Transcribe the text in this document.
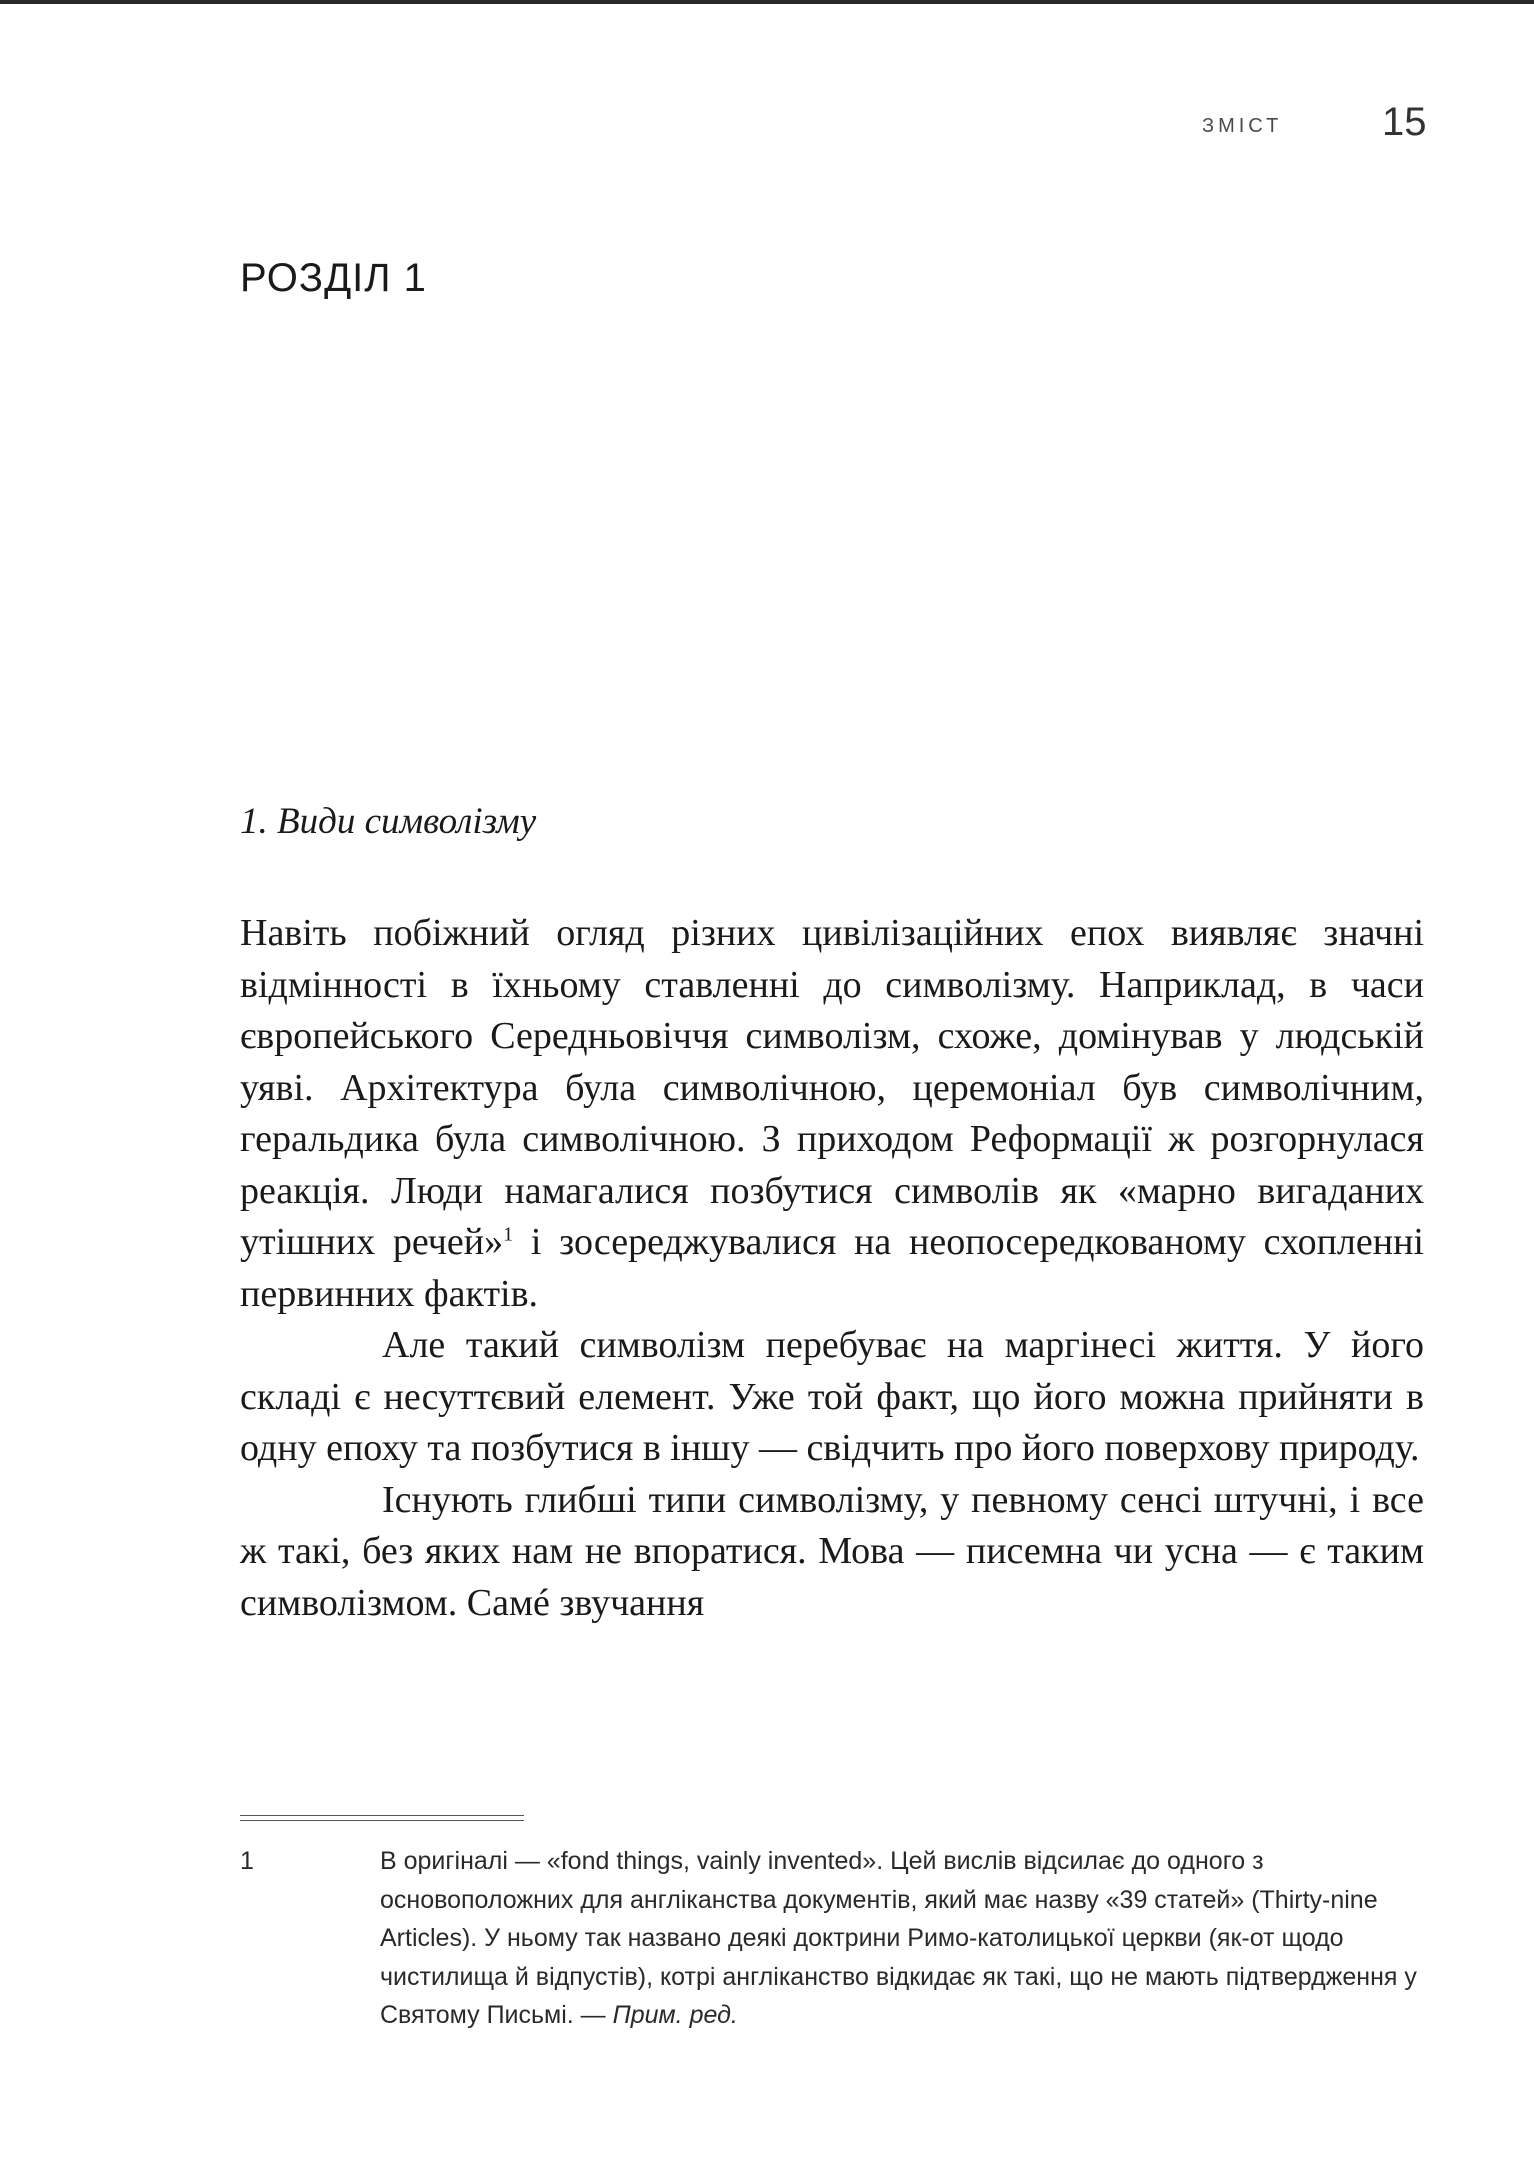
ЗМІСТ 15
РОЗДІЛ 1
1. Види символізму

Навіть побіжний огляд різних цивілізаційних епох виявляє значні відмінності в їхньому ставленні до символізму. Наприклад, в часи європейського Середньовіччя символізм, схоже, домінував у людській уяві. Архітектура була символічною, церемоніал був символічним, геральдика була символічною. З приходом Реформації ж розгорнулася реакція. Люди намагалися позбутися символів як «марно вигаданих утішних речей»$^1$ і зосереджувалися на неопосередкованому схопленні первинних фактів.

Але такий символізм перебуває на маргінесі життя. У його складі є несуттєвий елемент. Уже той факт, що його можна прийняти в одну епоху та позбутися в іншу — свідчить про його поверхову природу.

Існують глибші типи символізму, у певному сенсі штучні, і все ж такі, без яких нам не впоратися. Мова — писемна чи усна — є таким символізмом. Самé звучання

1	В оригіналі — «fond things, vainly invented». Цей вислів відсилає до одного з основоположних для англіканства документів, який має назву «39 статей» (Thirty-nine Articles). У ньому так названо деякі доктрини Римо-католицької церкви (як-от щодо чистилища й відпустів), котрі англіканство відкидає як такі, що не мають підтвердження у Святому Письмі. — Прим. ред.
